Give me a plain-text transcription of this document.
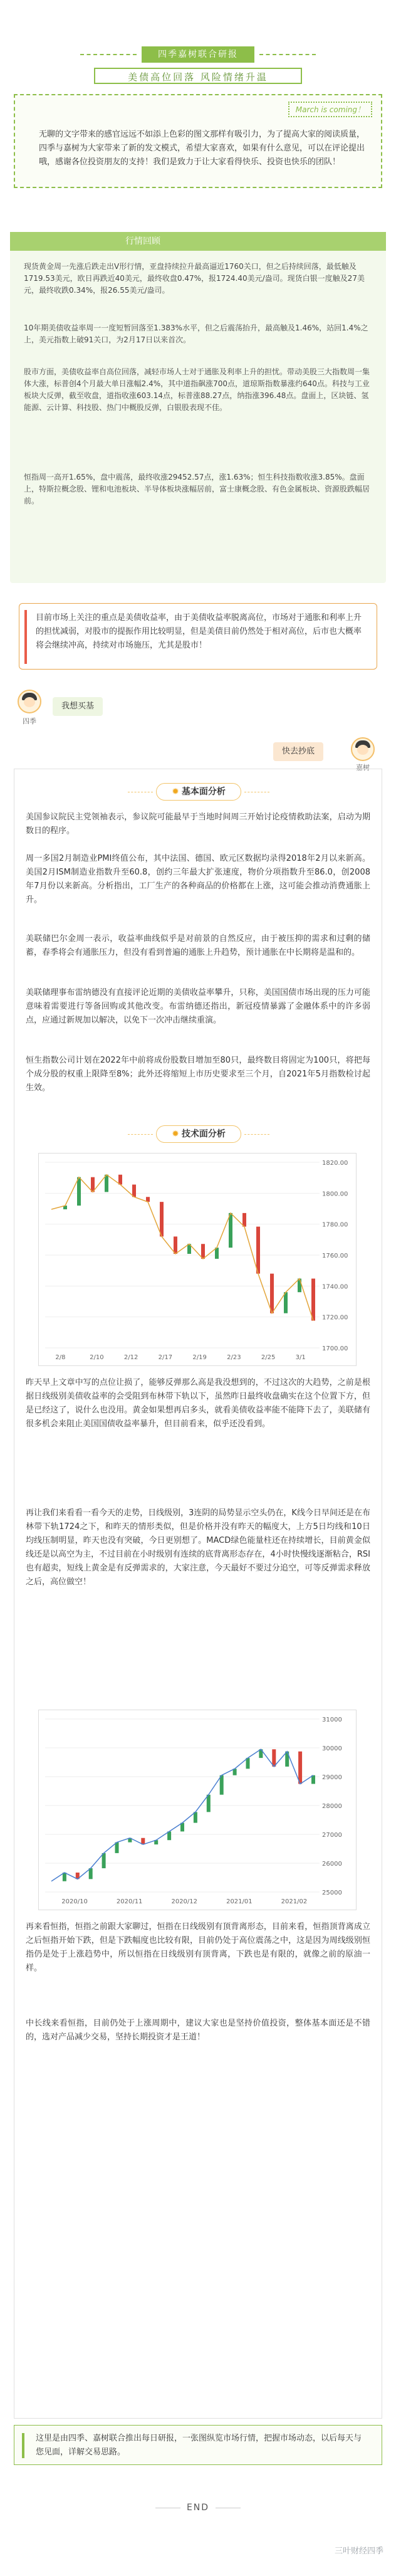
四季嘉树联合研报
美债高位回落 风险情绪升温
March is coming！

无聊的文字带来的感官远远不如添上色彩的图文那样有吸引力，为了提高大家的阅读质量，四季与嘉树为大家带来了新的发文模式，希望大家喜欢，如果有什么意见，可以在评论提出哦，感谢各位投资朋友的支持！我们是致力于让大家看得快乐、投资也快乐的团队！

行情回顾
现货黄金周一先涨后跌走出V形行情，亚盘持续拉升最高逼近1760关口，但之后持续回落，最低触及1719.53美元，欧日再跌近40美元，最终收盘0.47%，报1724.40美元/盎司。现货白银一度触及27美元，最终收跌0.34%，报26.55美元/盎司。
10年期美债收益率周一一度短暂回落至1.383%水平，但之后震荡抬升，最高触及1.46%，站回1.4%之上，美元指数上破91关口，为2月17日以来首次。
股市方面，美债收益率自高位回落，减轻市场人士对于通胀及利率上升的担忧。带动美股三大指数周一集体大涨，标普创4个月最大单日涨幅2.4%，其中道指飙涨700点，道琼斯指数暴涨约640点。科技与工业板块大反弹，截至收盘，道指收涨603.14点，标普涨88.27点，纳指涨396.48点。盘面上，区块链、氢能源、云计算、科技股、热门中概股反弹，白银股表现不佳。
恒指周一高开1.65%，盘中震荡，最终收涨29452.57点，涨1.63%；恒生科技指数收涨3.85%。盘面上，特斯拉概念股、锂和电池板块、半导体板块涨幅居前，富士康概念股、有色金属板块、资源股跌幅居前。

目前市场上关注的重点是美债收益率，由于美债收益率脱离高位，市场对于通胀和利率上升的担忧减弱，对股市的提振作用比较明显，但是美债目前仍然处于相对高位，后市也大概率将会继续冲高，持续对市场施压，尤其是股市！

四季
我想买基
嘉树
快去抄底
✹ 基本面分析
美国参议院民主党领袖表示，参议院可能最早于当地时间周三开始讨论疫情救助法案，启动为期数日的程序。
周一多国2月制造业PMI终值公布，其中法国、德国、欧元区数据均录得2018年2月以来新高。美国2月ISM制造业指数升至60.8，创约三年最大扩张速度，物价分项指数升至86.0，创2008年7月份以来新高。分析指出，工厂生产的各种商品的价格都在上涨，这可能会推动消费通胀上升。
美联储巴尔金周一表示，收益率曲线似乎是对前景的自然反应，由于被压抑的需求和过剩的储蓄，春季将会有通胀压力，但没有看到普遍的通胀上升趋势，预计通胀在中长期将是温和的。
美联储理事布雷纳德没有直接评论近期的美债收益率攀升，只称，美国国债市场出现的压力可能意味着需要进行等备回购或其他改变。布雷纳德还指出，新冠疫情暴露了金融体系中的许多弱点，应通过新规加以解决，以免下一次冲击继续重演。
恒生指数公司计划在2022年中前将成份股数目增加至80只，最终数目将固定为100只，将把每个成分股的权重上限降至8%；此外还将缩短上市历史要求至三个月，自2021年5月指数检讨起生效。
✹ 技术面分析
1820.00
1800.00
1780.00
1760.00
1740.00
1720.00
1700.00
2/8	2/10	2/12	2/17	2/19	2/23	2/25	3/1
昨天早上文章中写的点位让损了，能够反弹那么高是我没想到的，不过这次的大趋势，之前是根据日线级别美债收益率的会受阻到布林带下轨以下，虽然昨日最终收盘确实在这个位置下方，但是已经这了，说什么也没用。黄金如果想再启多头，就看美债收益率能不能降下去了，美联储有很多机会来阻止美国国债收益率暴升，但目前看来，似乎还没看到。
再让我们来看看一看今天的走势，日线级别，3连阴的局势显示空头仍在，K线今日早间还是在布林带下轨1724之下，和昨天的情形类似，但是价格并没有昨天的幅度大，上方5日均线和10日均线压制明显，昨天也没有突破，今日更别想了。MACD绿色能量柱还在持续增长，目前黄金似线还是以高空为主，不过目前在小时级别有连续的底背离形态存在，4小时快慢线逐渐粘合，RSI也有超卖，短线上黄金是有反弹需求的，大家注意，今天最好不要过分追空，可等反弹需求释放之后，高位做空！
31000
30000
29000
28000
27000
26000
25000
2020/10	2020/11	2020/12	2021/01	2021/02
再来看恒指，恒指之前跟大家聊过，恒指在日线级别有顶背离形态，目前来看，恒指顶背离成立之后恒指开始下跌，但是下跌幅度也比较有限，目前仍处于高位震荡之中，这是因为周线级别恒指仍是处于上涨趋势中，所以恒指在日线级别有顶背离，下跌也是有限的，就像之前的原油一样。
中长线来看恒指，目前仍处于上涨周期中，建议大家也是坚持价值投资，整体基本面还是不错的，选对产品减少交易，坚持长期投资才是王道！

这里是由四季、嘉树联合推出每日研报，一张图纵览市场行情，把握市场动态，以后每天与您见面，详解交易思路。

END
三叶财经四季
